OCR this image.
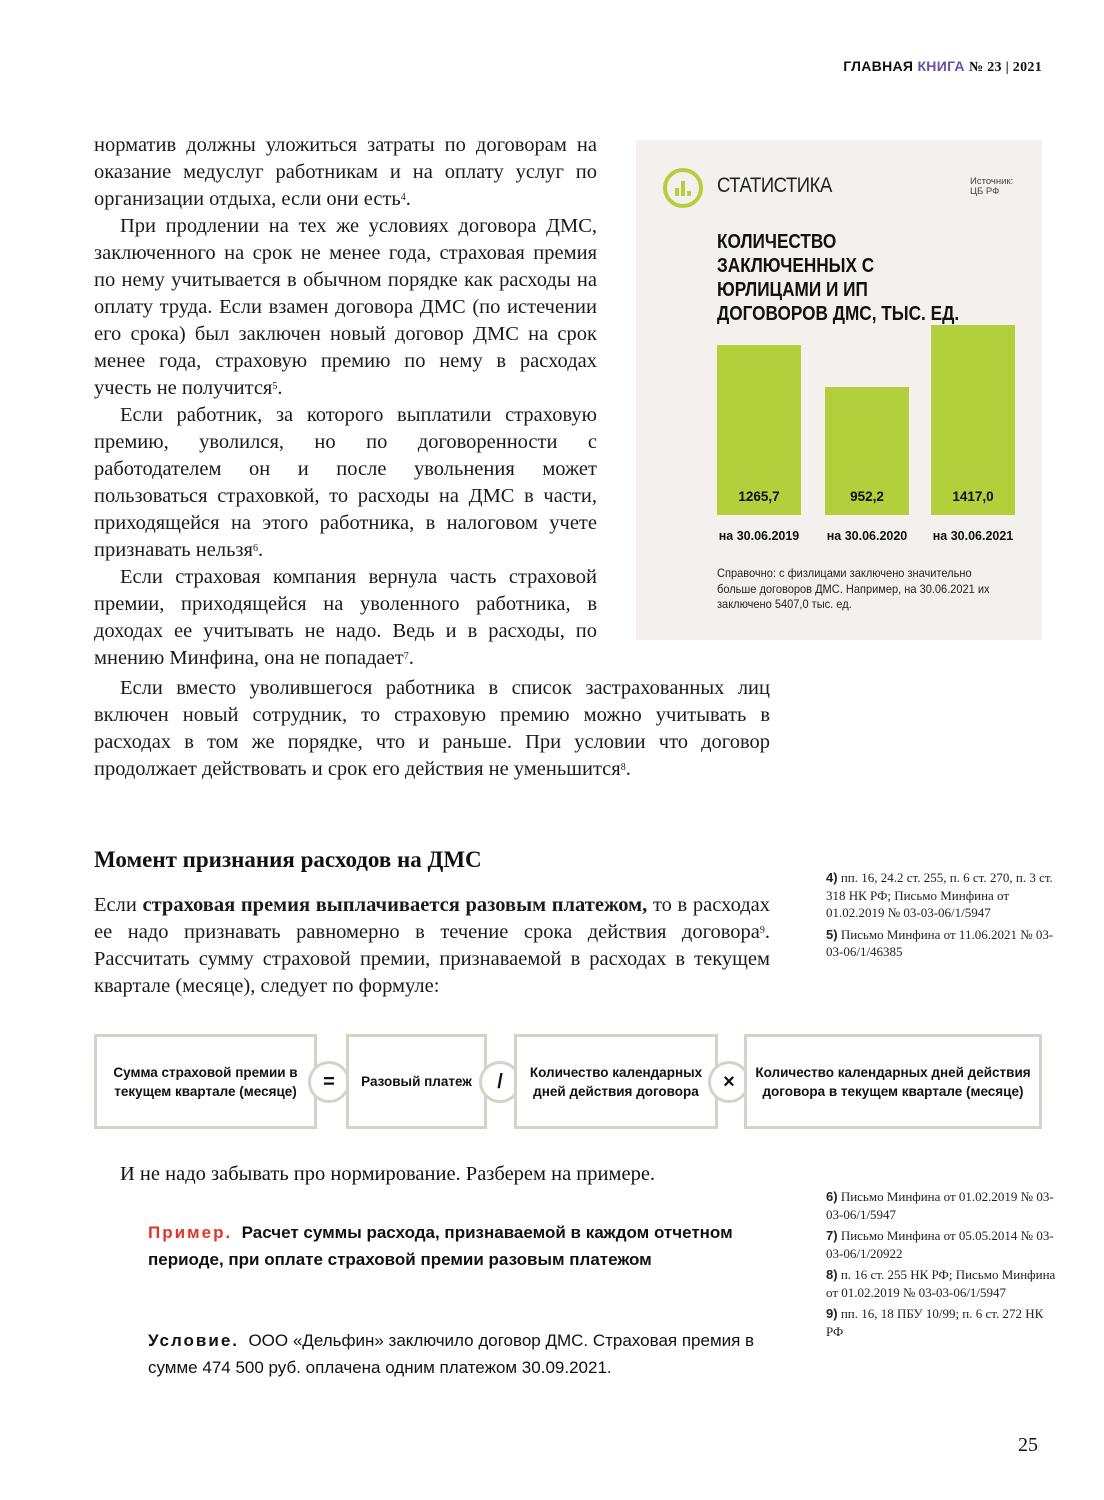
ГЛАВНАЯ КНИГА № 23 | 2021

норматив должны уложиться затраты по договорам на оказание медуслуг работникам и на оплату услуг по организации отдыха, если они есть$^4$.

При продлении на тех же условиях договора ДМС, заключенного на срок не менее года, страховая премия по нему учитывается в обычном порядке как расходы на оплату труда. Если взамен договора ДМС (по истечении его срока) был заключен новый договор ДМС на срок менее года, страховую премию по нему в расходах учесть не получится$^5$.

Если работник, за которого выплатили страховую премию, уволился, но по договоренности с работодателем он и после увольнения может пользоваться страховкой, то расходы на ДМС в части, приходящейся на этого работника, в налоговом учете признавать нельзя$^6$.

Если страховая компания вернула часть страховой премии, приходящейся на уволенного работника, в доходах ее учитывать не надо. Ведь и в расходы, по мнению Минфина, она не попадает$^7$.

Если вместо уволившегося работника в список застрахованных лиц включен новый сотрудник, то страховую премию можно учитывать в расходах в том же порядке, что и раньше. При условии что договор продолжает действовать и срок его действия не уменьшится$^8$.

СТАТИСТИКА	Источник:
ЦБ РФ
КОЛИЧЕСТВО ЗАКЛЮЧЕННЫХ С ЮРЛИЦАМИ И ИП ДОГОВОРОВ ДМС, ТЫС. ЕД.
1265,7
на 30.06.2019
952,2
на 30.06.2020
1417,0
на 30.06.2021
Справочно: с физлицами заключено значительно больше договоров ДМС. Например, на 30.06.2021 их заключено 5407,0 тыс. ед.
Момент признания расходов на ДМС

Если страховая премия выплачивается разовым платежом, то в расходах ее надо признавать равномерно в течение срока действия договора$^9$. Рассчитать сумму страховой премии, признаваемой в расходах в текущем квартале (месяце), следует по формуле:

4) пп. 16, 24.2 ст. 255, п. 6 ст. 270, п. 3 ст. 318 НК РФ; Письмо Минфина от 01.02.2019 № 03-03-06/1/5947
5) Письмо Минфина от 11.06.2021 № 03-03-06/1/46385
Сумма страховой премии в текущем квартале (месяце)	=	Разовый платеж	/	Количество календарных дней действия договора	×	Количество календарных дней действия договора в текущем квартале (месяце)
И не надо забывать про нормирование. Разберем на примере.
6) Письмо Минфина от 01.02.2019 № 03-03-06/1/5947
7) Письмо Минфина от 05.05.2014 № 03-03-06/1/20922
8) п. 16 ст. 255 НК РФ; Письмо Минфина от 01.02.2019 № 03-03-06/1/5947
9) пп. 16, 18 ПБУ 10/99; п. 6 ст. 272 НК РФ
Пример. Расчет суммы расхода, признаваемой в каждом отчетном периоде, при оплате страховой премии разовым платежом
Условие. ООО «Дельфин» заключило договор ДМС. Страховая премия в сумме 474 500 руб. оплачена одним платежом 30.09.2021.
25
